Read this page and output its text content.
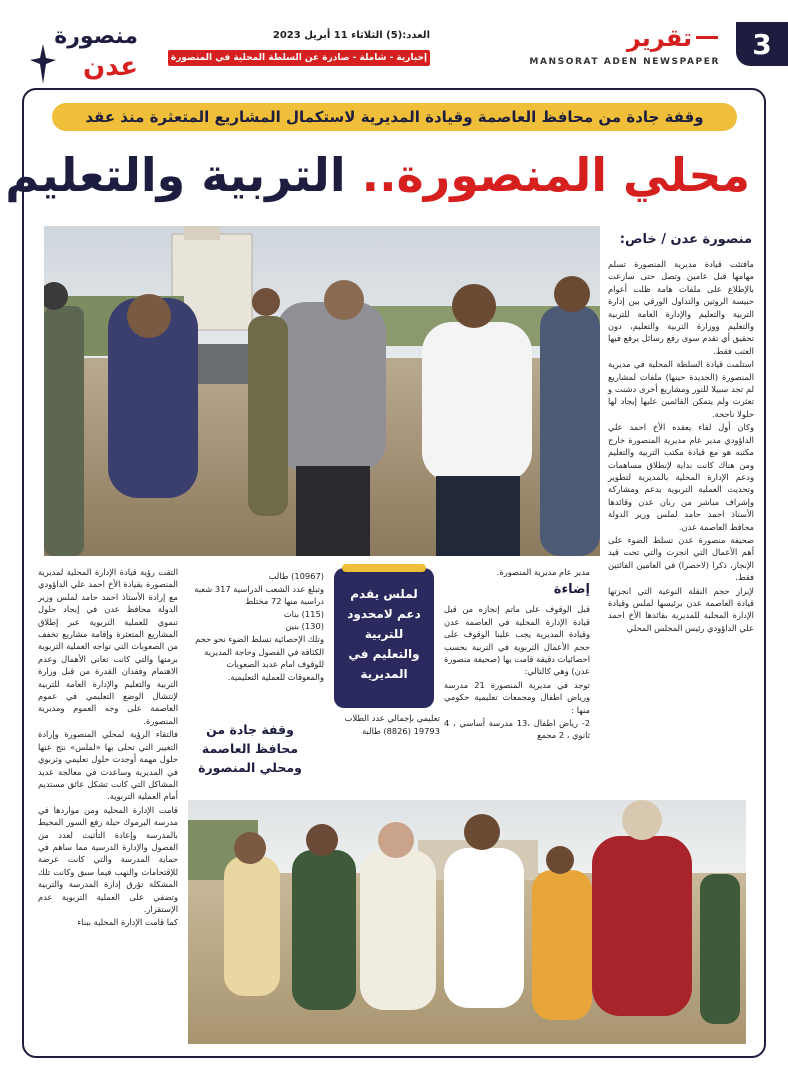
3
تقرير
MANSORAT ADEN NEWSPAPER
العدد:(5) الثلاثاء 11 أبريل 2023
إخبارية - شاملة - صادرة عن السلطة المحلية في المنصورة
منصورة
عدن
وقفة جادة من محافظ العاصمة وقيادة المديرية لاستكمال المشاريع المتعثرة منذ عقد
محلي المنصورة.. التربية والتعليم
منصورة عدن / خاص:

مافتئت قيادة مديرية المنصورة تسلم مهامها قبل عامين وتصل حتى سارعت بالإطلاع على ملفات هامة ظلت أعوام حبيسة الروتين والتداول الورقي بين إدارة التربية والتعليم والإدارة العامة للتربية والتعليم ووزارة التربية والتعليم، دون تحقيق أي تقدم سوى رفع رسائل يرفع فيها العتب فقط.

استلمت قيادة السلطة المحلية في مديرية المنصورة (الجديدة حينها) ملفات لمشاريع لم تجد سبيلا للنور ومشاريع أخرى دشنت و تعثرت ولم يتمكن القائمين عليها إيجاد لها حلولا ناجحة.

وكان أول لقاء يعقده الأخ احمد علي الداؤودي مدير عام مديرية المنصورة خارج مكتبه هو مع قيادة مكتب التربية والتعليم ومن هناك كانت بداية لإنطلاق مساهمات ودعم الإدارة المحلية بالمديرية لتطوير وتحديث العملية التربوية بدعم ومشاركة وإشراف مباشر من ربان عدن وقائدها الأستاذ احمد حامد لملس وزير الدولة محافظ العاصمة عدن.

صحيفة منصورة عدن تسلط الضوء على أهم الأعمال التي انجزت والتي تحت قيد الإنجاز، ذكرا (لاحصرا) في العامين الفائتين فقط.

لإبراز حجم النقلة النوعية التي انجزتها قيادة العاصمة عدن برئيسها لملس وقيادة الإدارة المحلية للمديرية بقائدها الأخ احمد علي الداؤودي رئيس المجلس المحلي

مدير عام مديرية المنصورة.

إضاءة

قبل الوقوف على ماتم إنجازه من قبل قيادة الإدارة المحلية في العاصمة عدن وقيادة المديرية يجب علينا الوقوف على حجم الأعمال التربوية في التربية بحسب احصائيات دقيقة قامت بها (صحيفة منصورة عدن) وهي كالتالي:

توجد في مديرية المنصورة 21 مدرسة ورياض اطفال ومجمعات تعليمية حكومي منها :

2- رياض اطفال ،13 مدرسة أساسي ، 4 ثانوي ، 2 مجمع

لملس يقدم دعم لامحدود للتربية والتعليم في المديرية
تعليمي بإجمالي عدد الطلاب 19793 (8826) طالبة

(10967) طالب

وتبلغ عدد الشعب الدراسية 317 شعبة دراسية منها 72 مختلط

(115) بنات

(130) بنين

وتلك الإحصائية تسلط الضوء نحو حجم الكثافة في الفصول وحاجة المديرية للوقوف امام عديد الصعوبات والمعوقات للعملية التعليمية.

وقفة جادة من محافظ العاصمة ومحلي المنصورة

التقت رؤية قيادة الإدارة المحلية لمديرية المنصورة بقيادة الأخ احمد علي الداؤودي مع إرادة الأستاذ احمد حامد لملس وزير الدولة محافظ عدن في إيجاد حلول تنموي للعملية التربوية عبر إطلاق المشاريع المتعثرة وإقامة مشاريع تخفف من الصعوبات التي تواجه العملية التربوية برمتها والتي كانت تعاني الأهمال وعدم الاهتمام وفقدان القدرة من قبل وزارة التربية والتعليم والإدارة العامة للتربية لإنتشال الوضع التعليمي في عموم العاصمة على وجه العموم ومديرية المنصورة.

فالتقاء الرؤية لمحلي المنصورة وإرادة التغيير التي تحلى بها «لملس» نتج عنها حلول مهمة أوجدت حلول تعليمي وتربوي في المديرية وساعدت في معالجة عديد المشاكل التي كانت تشكل عائق مستديم أمام العملية التربوية.

قامت الإدارة المحلية ومن مواردها في مدرسة اليرموك حيلة رفع السور المحيط بالمدرسة وإعادة التأثيث لعدد من الفصول والإدارة الدرسية مما ساهم في حماية المدرسة والتي كانت عرضة للإقتحامات والنهب فيما سبق وكانت تلك المشكلة تؤرق إدارة المدرسة والتربية وتضفي على العملية التربوية عدم الإستقرار.

كما قامت الإدارة المحلية ببناء
